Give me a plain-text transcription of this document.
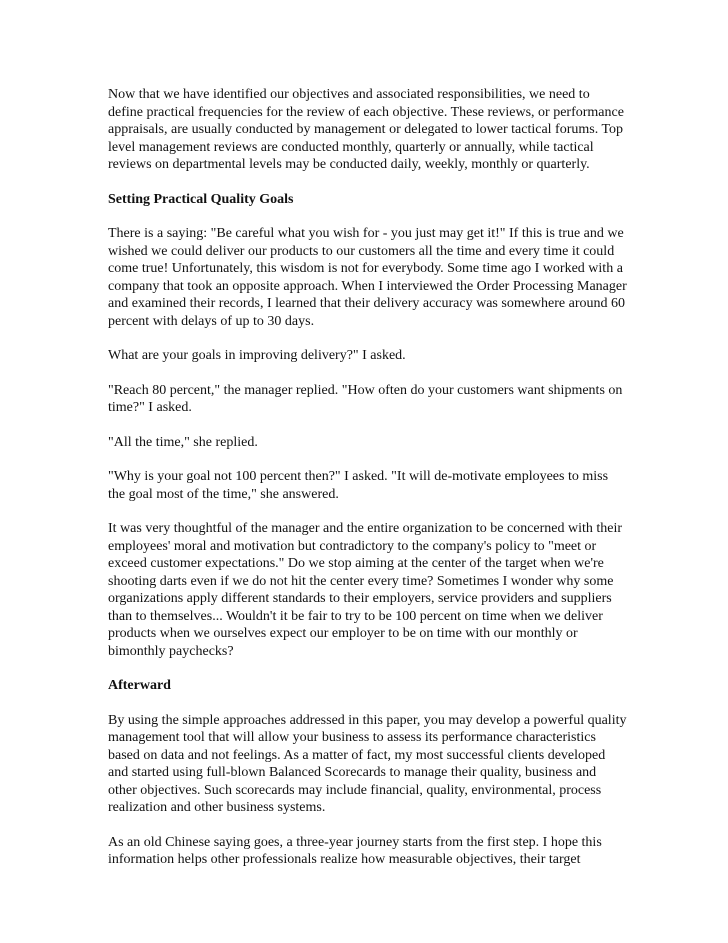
Now that we have identified our objectives and associated responsibilities, we need to define practical frequencies for the review of each objective. These reviews, or performance appraisals, are usually conducted by management or delegated to lower tactical forums. Top level management reviews are conducted monthly, quarterly or annually, while tactical reviews on departmental levels may be conducted daily, weekly, monthly or quarterly.

Setting Practical Quality Goals

There is a saying: "Be careful what you wish for - you just may get it!" If this is true and we wished we could deliver our products to our customers all the time and every time it could come true! Unfortunately, this wisdom is not for everybody. Some time ago I worked with a company that took an opposite approach. When I interviewed the Order Processing Manager and examined their records, I learned that their delivery accuracy was somewhere around 60 percent with delays of up to 30 days.

What are your goals in improving delivery?" I asked.

"Reach 80 percent," the manager replied. "How often do your customers want shipments on time?" I asked.

"All the time," she replied.

"Why is your goal not 100 percent then?" I asked. "It will de-motivate employees to miss the goal most of the time," she answered.

It was very thoughtful of the manager and the entire organization to be concerned with their employees' moral and motivation but contradictory to the company's policy to "meet or exceed customer expectations." Do we stop aiming at the center of the target when we're shooting darts even if we do not hit the center every time? Sometimes I wonder why some organizations apply different standards to their employers, service providers and suppliers than to themselves... Wouldn't it be fair to try to be 100 percent on time when we deliver products when we ourselves expect our employer to be on time with our monthly or bimonthly paychecks?

Afterward

By using the simple approaches addressed in this paper, you may develop a powerful quality management tool that will allow your business to assess its performance characteristics based on data and not feelings. As a matter of fact, my most successful clients developed and started using full-blown Balanced Scorecards to manage their quality, business and other objectives. Such scorecards may include financial, quality, environmental, process realization and other business systems.

As an old Chinese saying goes, a three-year journey starts from the first step. I hope this information helps other professionals realize how measurable objectives, their target
